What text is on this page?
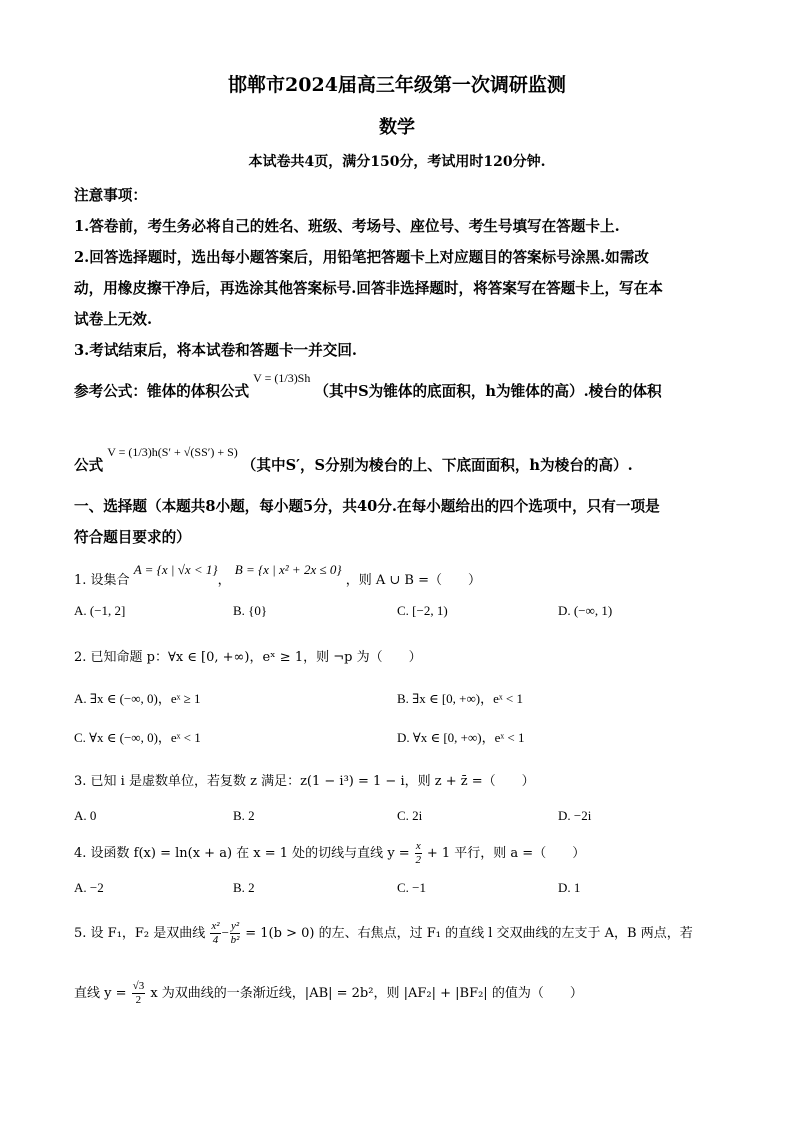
邯郸市2024届高三年级第一次调研监测
数学
本试卷共4页，满分150分，考试用时120分钟.
注意事项：
1.答卷前，考生务必将自己的姓名、班级、考场号、座位号、考生号填写在答题卡上.
2.回答选择题时，选出每小题答案后，用铅笔把答题卡上对应题目的答案标号涂黑.如需改
动，用橡皮擦干净后，再选涂其他答案标号.回答非选择题时，将答案写在答题卡上，写在本
试卷上无效.
3.考试结束后，将本试卷和答题卡一并交回.
参考公式：锥体的体积公式V = (1/3)Sh（其中S为锥体的底面积，h为锥体的高）.棱台的体积
公式V = (1/3)h(S′ + √(SS′) + S)（其中S′，S分别为棱台的上、下底面面积，h为棱台的高）.
一、选择题（本题共8小题，每小题5分，共40分.在每小题给出的四个选项中，只有一项是
符合题目要求的）
1. 设集合 A = {x | √x < 1}， B = {x | x² + 2x ≤ 0} ，则 A ∪ B =（　　）
A. (−1, 2]	B. {0}	C. [−2, 1)	D. (−∞, 1)
2. 已知命题 p：∀x ∈ [0, +∞)，eˣ ≥ 1，则 ¬p 为（　　）
A. ∃x ∈ (−∞, 0)，eˣ ≥ 1	B. ∃x ∈ [0, +∞)，eˣ < 1
C. ∀x ∈ (−∞, 0)，eˣ < 1	D. ∀x ∈ [0, +∞)，eˣ < 1
3. 已知 i 是虚数单位，若复数 z 满足：z(1 − i³) = 1 − i，则 z + z̄ =（　　）
A. 0	B. 2	C. 2i	D. −2i
4. 设函数 f(x) = ln(x + a) 在 x = 1 处的切线与直线 $y = \frac{x}{2} + 1$ 平行，则 a =（　　）
A. −2	B. 2	C. −1	D. 1
5. 设 F₁，F₂ 是双曲线 $\frac{\text{x²}}{4} - \frac{\text{y²}}{\text{b²}} = 1(b > 0)$ 的左、右焦点，过 F₁ 的直线 l 交双曲线的左支于 A，B 两点，若
直线 $y = \frac{√3}{2}$ x 为双曲线的一条渐近线，|AB| = 2b²，则 |AF₂| + |BF₂| 的值为（　　）
